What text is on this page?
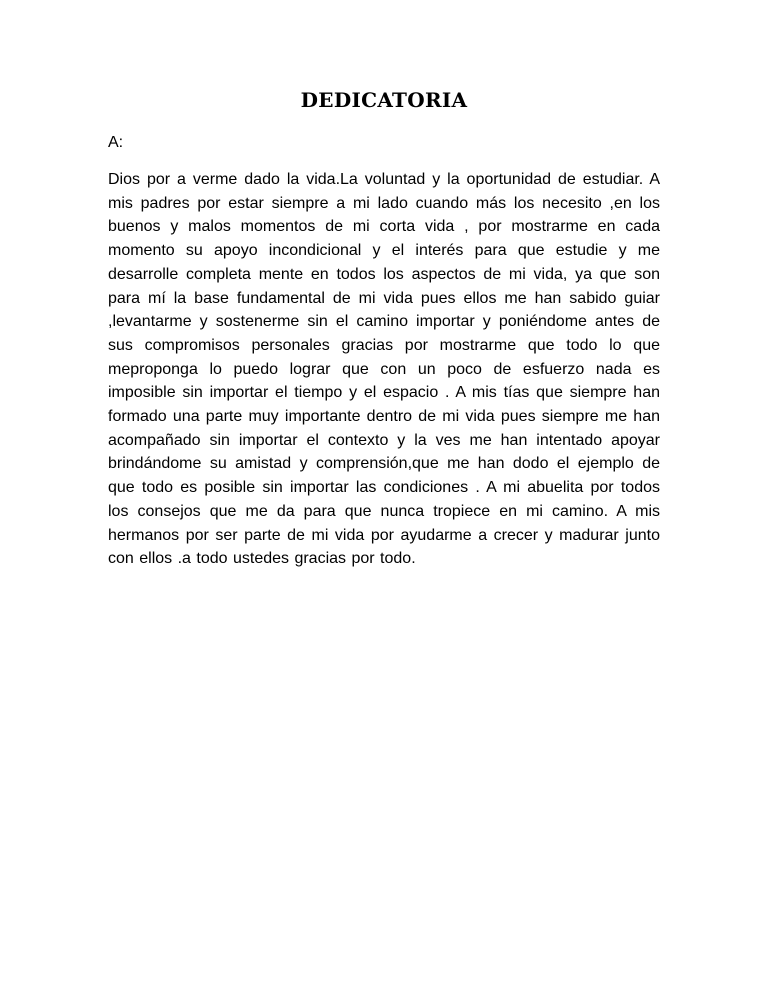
DEDICATORIA

A:

Dios por a verme dado la vida.La voluntad y la oportunidad de estudiar. A mis padres por estar siempre a mi lado cuando más los necesito ,en los buenos y malos momentos de mi corta vida , por mostrarme en cada momento su apoyo incondicional y el interés para que estudie y me desarrolle completa mente en todos los aspectos de mi vida, ya que son para mí la base fundamental de mi vida pues ellos me han sabido guiar ,levantarme y sostenerme sin el camino importar y poniéndome antes de sus compromisos personales gracias por mostrarme que todo lo que meproponga lo puedo lograr que con un poco de esfuerzo nada es imposible sin importar el tiempo y el espacio . A mis tías que siempre han formado una parte muy importante dentro de mi vida pues siempre me han acompañado sin importar el contexto y la ves me han intentado apoyar brindándome su amistad y comprensión,que me han dodo el ejemplo de que todo es posible sin importar las condiciones . A mi abuelita por todos los consejos que me da para que nunca tropiece en mi camino. A mis hermanos por ser parte de mi vida por ayudarme a crecer y madurar junto con ellos .a todo ustedes gracias por todo.
